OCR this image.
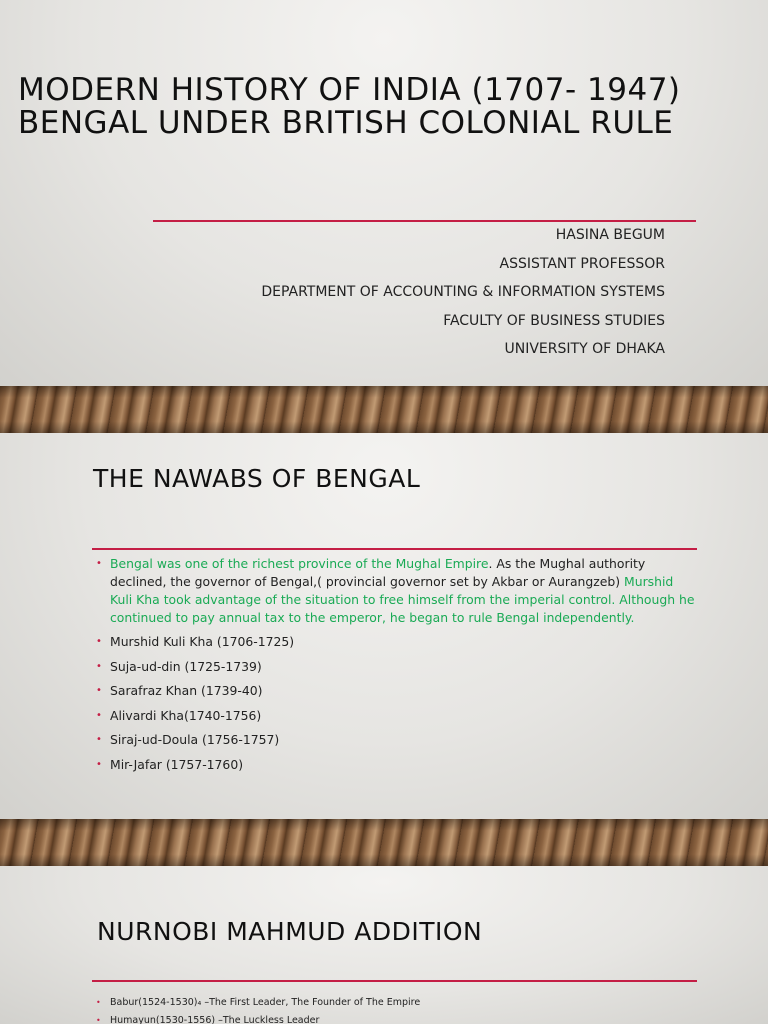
MODERN HISTORY OF INDIA (1707- 1947)
BENGAL UNDER BRITISH COLONIAL RULE
HASINA BEGUM
ASSISTANT PROFESSOR
DEPARTMENT OF ACCOUNTING & INFORMATION SYSTEMS
FACULTY OF BUSINESS STUDIES
UNIVERSITY OF DHAKA
THE NAWABS OF BENGAL
• Bengal was one of the richest province of the Mughal Empire. As the Mughal authority declined, the governor of Bengal,( provincial governor set by Akbar or Aurangzeb) Murshid Kuli Kha took advantage of the situation to free himself from the imperial control. Although he continued to pay annual tax to the emperor, he began to rule Bengal independently.
• Murshid Kuli Kha (1706-1725)
• Suja-ud-din (1725-1739)
• Sarafraz Khan (1739-40)
• Alivardi Kha(1740-1756)
• Siraj-ud-Doula (1756-1757)
• Mir-Jafar (1757-1760)
NURNOBI MAHMUD ADDITION
• Babur(1524-1530)₄ –The First Leader, The Founder of The Empire
• Humayun(1530-1556) –The Luckless Leader
